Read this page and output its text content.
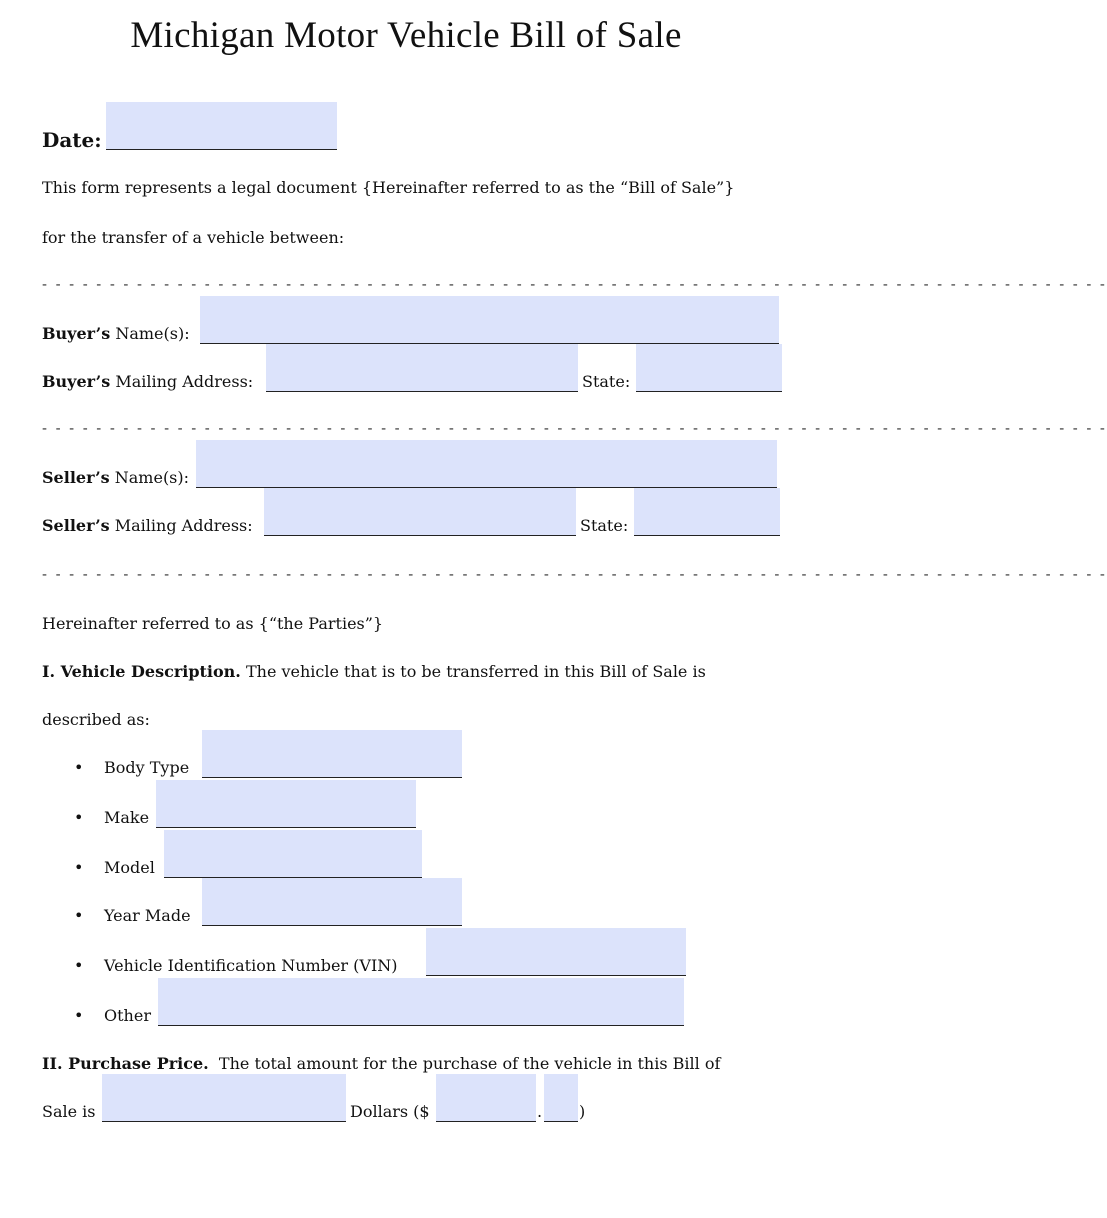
Michigan Motor Vehicle Bill of Sale
Date:
This form represents a legal document {Hereinafter referred to as the “Bill of Sale”}
for the transfer of a vehicle between:
- - - - - - - - - - - - - - - - - - - - - - - - - - - - - - - - - - - - - - - - - - - - - - - - - - - - - - - - - - - - - - - - - - - - - - - - - - - - - - -
Buyer’s Name(s):
Buyer’s Mailing Address:	State:
- - - - - - - - - - - - - - - - - - - - - - - - - - - - - - - - - - - - - - - - - - - - - - - - - - - - - - - - - - - - - - - - - - - - - - - - - - - - - - -
Seller’s Name(s):
Seller’s Mailing Address:	State:
- - - - - - - - - - - - - - - - - - - - - - - - - - - - - - - - - - - - - - - - - - - - - - - - - - - - - - - - - - - - - - - - - - - - - - - - - - - - - - -
Hereinafter referred to as {“the Parties”}
I. Vehicle Description. The vehicle that is to be transferred in this Bill of Sale is
described as:
• Body Type
• Make
• Model
• Year Made
• Vehicle Identification Number (VIN)
• Other
II. Purchase Price.  The total amount for the purchase of the vehicle in this Bill of
Sale is	Dollars ($	. )
